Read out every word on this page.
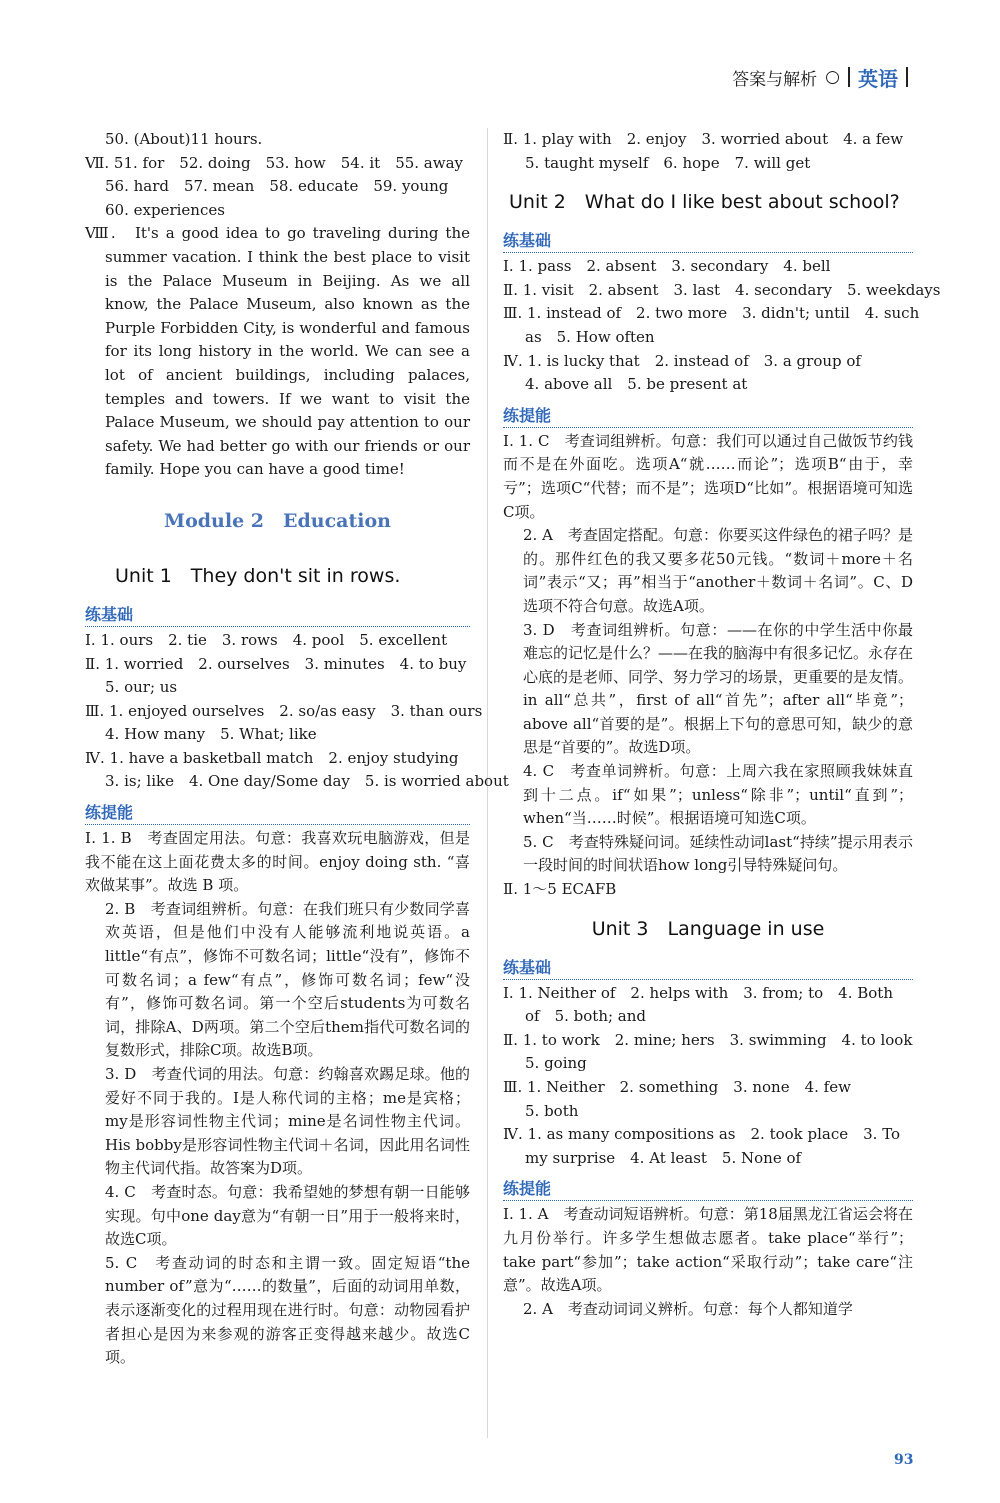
答案与解析 ○ 英语
50. (About)11 hours.
Ⅶ. 51. for　52. doing　53. how　54. it　55. away
56. hard　57. mean　58. educate　59. young
60. experiences
Ⅷ.　It's a good idea to go traveling during the summer vacation. I think the best place to visit is the Palace Museum in Beijing. As we all know, the Palace Museum, also known as the Purple Forbidden City, is wonderful and famous for its long history in the world. We can see a lot of ancient buildings, including palaces, temples and towers. If we want to visit the Palace Museum, we should pay attention to our safety. We had better go with our friends or our family. Hope you can have a good time!
Module 2　Education
Unit 1　They don't sit in rows.
练基础
Ⅰ. 1. ours　2. tie　3. rows　4. pool　5. excellent
Ⅱ. 1. worried　2. ourselves　3. minutes　4. to buy
5. our; us
Ⅲ. 1. enjoyed ourselves　2. so/as easy　3. than ours
4. How many　5. What; like
Ⅳ. 1. have a basketball match　2. enjoy studying
3. is; like　4. One day/Some day　5. is worried about
练提能
Ⅰ. 1. B　考查固定用法。句意：我喜欢玩电脑游戏，但是我不能在这上面花费太多的时间。enjoy doing sth. “喜欢做某事”。故选 B 项。
2. B　考查词组辨析。句意：在我们班只有少数同学喜欢英语，但是他们中没有人能够流利地说英语。a little“有点”，修饰不可数名词；little“没有”，修饰不可数名词；a few“有点”，修饰可数名词；few“没有”，修饰可数名词。第一个空后students为可数名词，排除A、D两项。第二个空后them指代可数名词的复数形式，排除C项。故选B项。
3. D　考查代词的用法。句意：约翰喜欢踢足球。他的爱好不同于我的。I是人称代词的主格；me是宾格；my是形容词性物主代词；mine是名词性物主代词。His bobby是形容词性物主代词＋名词，因此用名词性物主代词代指。故答案为D项。
4. C　考查时态。句意：我希望她的梦想有朝一日能够实现。句中one day意为“有朝一日”用于一般将来时，故选C项。
5. C　考查动词的时态和主谓一致。固定短语“the number of”意为“……的数量”，后面的动词用单数，表示逐渐变化的过程用现在进行时。句意：动物园看护者担心是因为来参观的游客正变得越来越少。故选C项。
Ⅱ. 1. play with　2. enjoy　3. worried about　4. a few
5. taught myself　6. hope　7. will get
Unit 2　What do I like best about school?
练基础
Ⅰ. 1. pass　2. absent　3. secondary　4. bell
Ⅱ. 1. visit　2. absent　3. last　4. secondary　5. weekdays
Ⅲ. 1. instead of　2. two more　3. didn't; until　4. such
as　5. How often
Ⅳ. 1. is lucky that　2. instead of　3. a group of
4. above all　5. be present at
练提能
Ⅰ. 1. C　考查词组辨析。句意：我们可以通过自己做饭节约钱而不是在外面吃。选项A“就……而论”；选项B“由于，幸亏”；选项C“代替；而不是”；选项D“比如”。根据语境可知选C项。
2. A　考查固定搭配。句意：你要买这件绿色的裙子吗？是的。那件红色的我又要多花50元钱。“数词＋more＋名词”表示“又；再”相当于“another＋数词＋名词”。C、D选项不符合句意。故选A项。
3. D　考查词组辨析。句意：——在你的中学生活中你最难忘的记忆是什么？——在我的脑海中有很多记忆。永存在心底的是老师、同学、努力学习的场景，更重要的是友情。in all“总共”，first of all“首先”；after all“毕竟”；above all“首要的是”。根据上下句的意思可知，缺少的意思是“首要的”。故选D项。
4. C　考查单词辨析。句意：上周六我在家照顾我妹妹直到十二点。if“如果”；unless“除非”；until“直到”；when“当……时候”。根据语境可知选C项。
5. C　考查特殊疑问词。延续性动词last“持续”提示用表示一段时间的时间状语how long引导特殊疑问句。
Ⅱ. 1～5 ECAFB
Unit 3　Language in use
练基础
Ⅰ. 1. Neither of　2. helps with　3. from; to　4. Both
of　5. both; and
Ⅱ. 1. to work　2. mine; hers　3. swimming　4. to look
5. going
Ⅲ. 1. Neither　2. something　3. none　4. few
5. both
Ⅳ. 1. as many compositions as　2. took place　3. To
my surprise　4. At least　5. None of
练提能
Ⅰ. 1. A　考查动词短语辨析。句意：第18届黑龙江省运会将在九月份举行。许多学生想做志愿者。take place“举行”；take part“参加”；take action“采取行动”；take care“注意”。故选A项。
2. A　考查动词词义辨析。句意：每个人都知道学
93
